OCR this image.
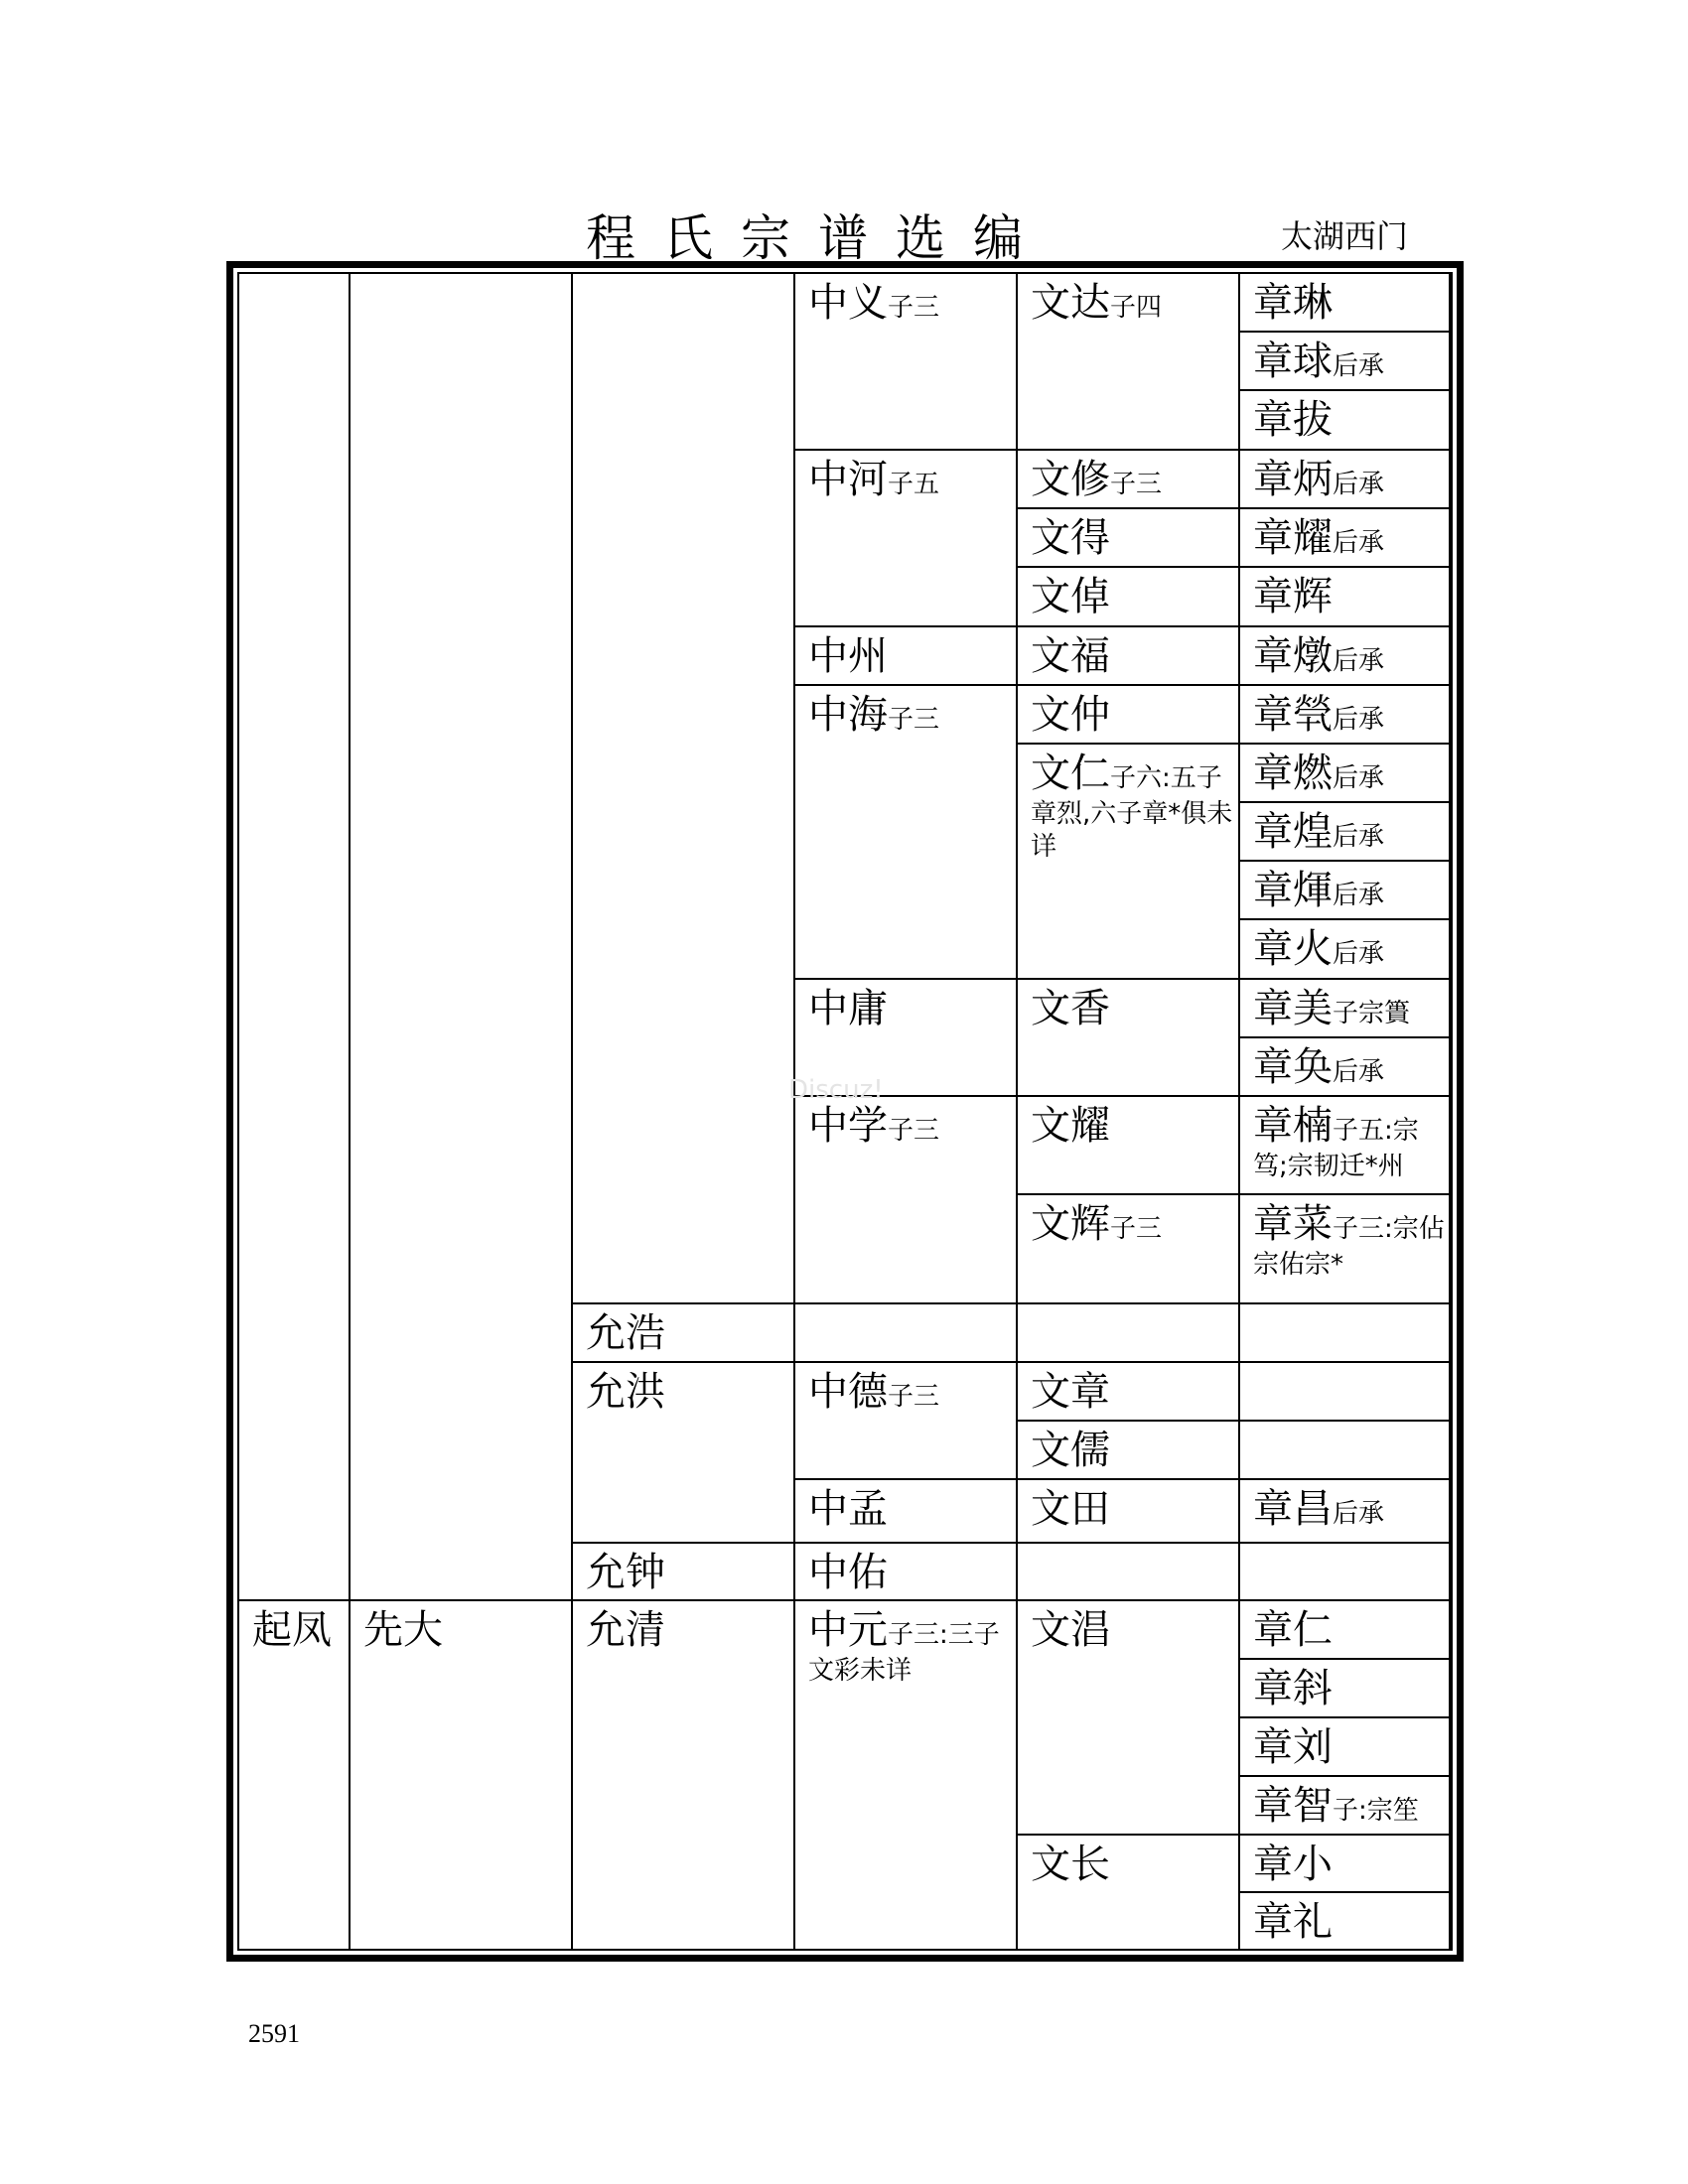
程氏宗谱选编	太湖西门
起凤 先大
允浩
允洪
允钟
允清
中义子三
中河子五
中州
中海子三
中庸
中学子三
中德子三
中孟
中佑
中元子三:三子文彩未详
文达子四
文修子三
文得
文倬
文福
文仲
文仁子六:五子章烈,六子章*俱未详
文香
文耀
文辉子三
文章
文儒
文田
文淐
文长
章琳
章球后承
章拔
章炳后承
章耀后承
章辉
章燉后承
章煢后承
章燃后承
章煌后承
章煇后承
章火后承
章美子宗簣
章奂后承
章楠子五:宗笃;宗韧迁*州
章菜子三:宗佔宗佑宗*
章昌后承
章仁
章斜
章刘
章智子:宗笙
章小
章礼
Discuz!
2591
